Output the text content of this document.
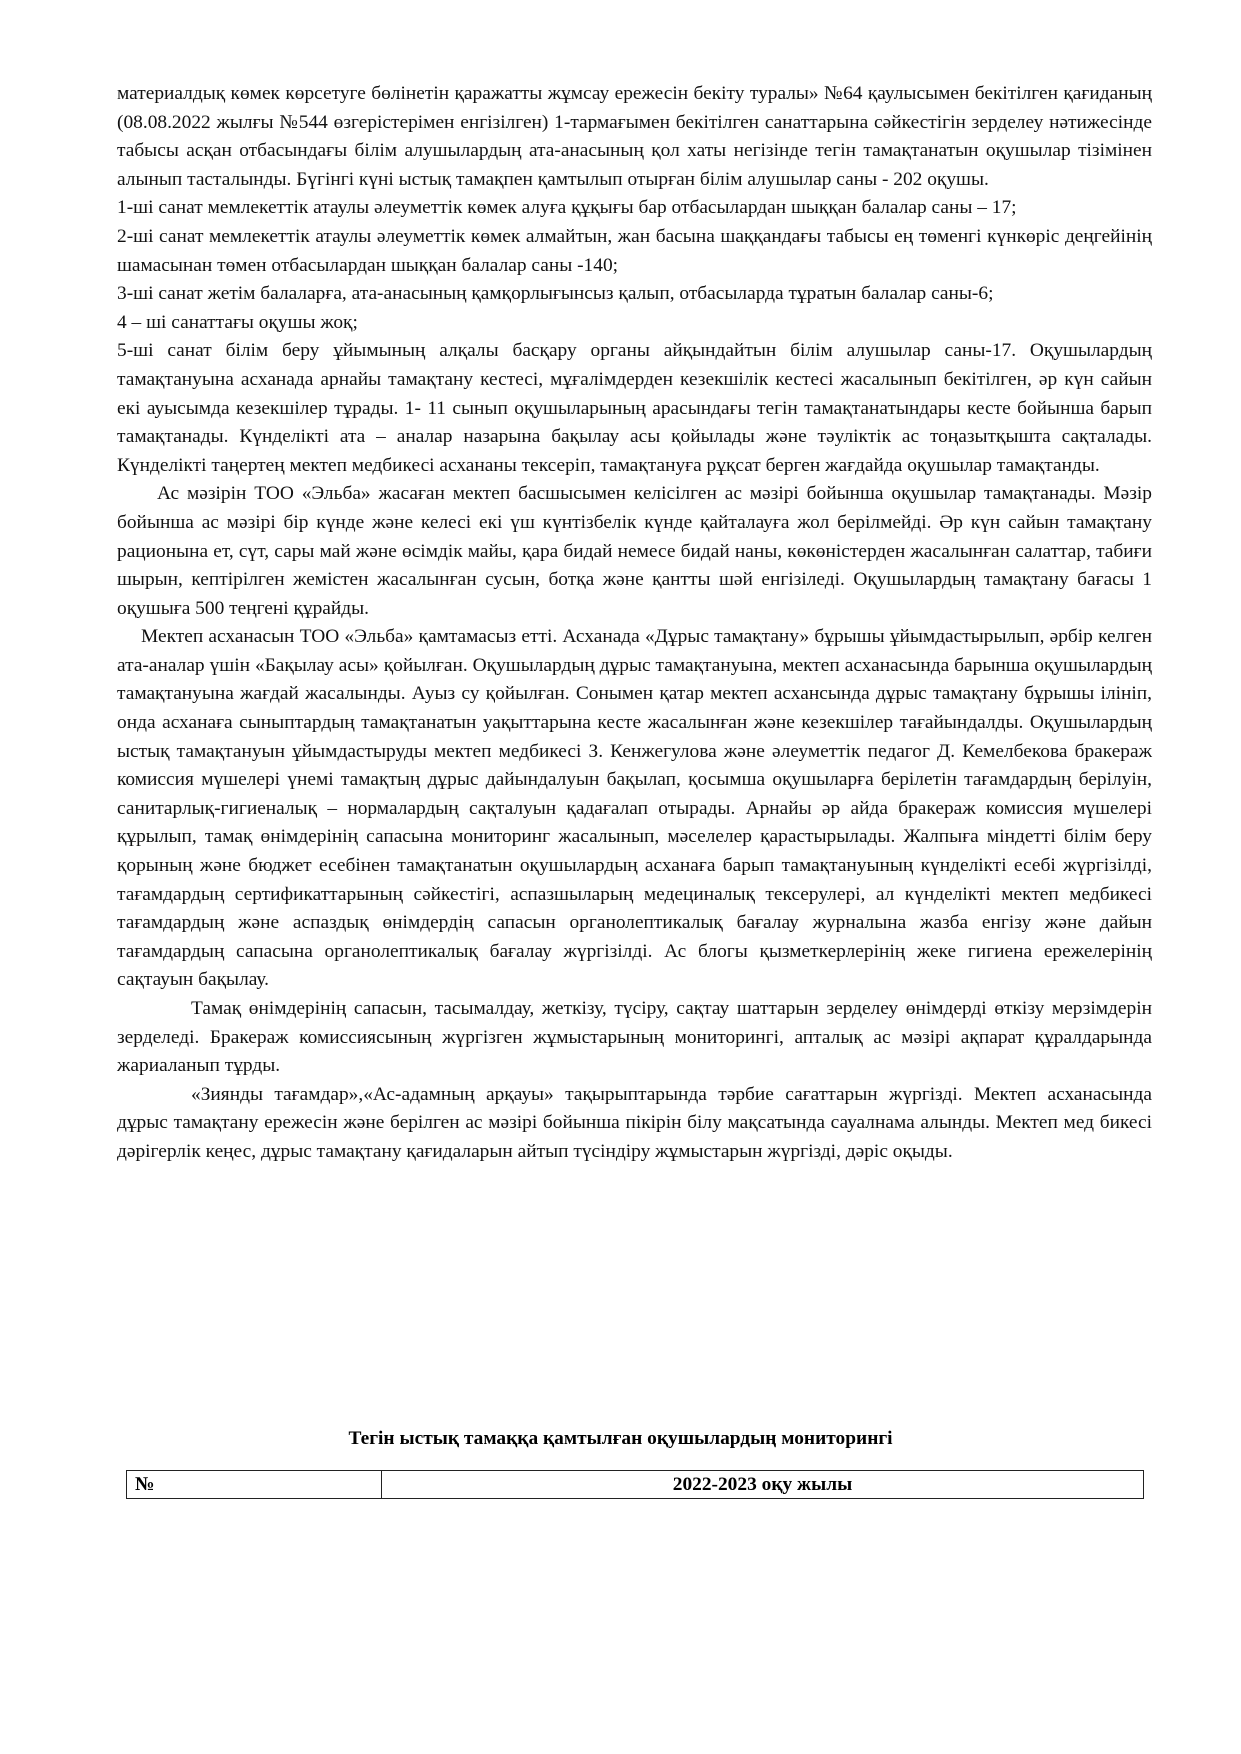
материалдық көмек көрсетуге бөлінетін қаражатты жұмсау ережесін бекіту туралы» №64 қаулысымен бекітілген қағиданың (08.08.2022 жылғы №544 өзгерістерімен енгізілген) 1-тармағымен бекітілген санаттарына сәйкестігін зерделеу нәтижесінде табысы асқан отбасындағы білім алушылардың ата-анасының қол хаты негізінде тегін тамақтанатын оқушылар тізімінен алынып тасталынды. Бүгінгі күні ыстық тамақпен қамтылып отырған білім алушылар саны - 202 оқушы.

1-ші санат мемлекеттік атаулы әлеуметтік көмек алуға құқығы бар отбасылардан шыққан балалар саны – 17;

2-ші санат мемлекеттік атаулы әлеуметтік көмек алмайтын, жан басына шаққандағы табысы ең төменгі күнкөріс деңгейінің шамасынан төмен отбасылардан шыққан балалар саны -140;

3-ші санат жетім балаларға, ата-анасының қамқорлығынсыз қалып, отбасыларда тұратын балалар саны-6;

4 – ші санаттағы оқушы жоқ;

5-ші санат білім беру ұйымының алқалы басқару органы айқындайтын білім алушылар саны-17. Оқушылардың тамақтануына асханада арнайы тамақтану кестесі, мұғалімдерден кезекшілік кестесі жасалынып бекітілген, әр күн сайын екі ауысымда кезекшілер тұрады. 1- 11 сынып оқушыларының арасындағы тегін тамақтанатындары кесте бойынша барып тамақтанады. Күнделікті ата – аналар назарына бақылау асы қойылады және тәуліктік ас тоңазытқышта сақталады. Күнделікті таңертең мектеп медбикесі асхананы тексеріп, тамақтануға рұқсат берген жағдайда оқушылар тамақтанды.

Ас мәзірін ТОО «Эльба» жасаған мектеп басшысымен келісілген ас мәзірі бойынша оқушылар тамақтанады. Мәзір бойынша ас мәзірі бір күнде және келесі екі үш күнтізбелік күнде қайталауға жол берілмейді. Әр күн сайын тамақтану рационына ет, сүт, сары май және өсімдік майы, қара бидай немесе бидай наны, көкөністерден жасалынған салаттар, табиғи шырын, кептірілген жемістен жасалынған сусын, ботқа және қантты шәй енгізіледі. Оқушылардың тамақтану бағасы 1 оқушыға 500 теңгені құрайды.

Мектеп асханасын ТОО «Эльба» қамтамасыз етті. Асханада «Дұрыс тамақтану» бұрышы ұйымдастырылып, әрбір келген ата-аналар үшін «Бақылау асы» қойылған. Оқушылардың дұрыс тамақтануына, мектеп асханасында барынша оқушылардың тамақтануына жағдай жасалынды. Ауыз су қойылған. Сонымен қатар мектеп асхансында дұрыс тамақтану бұрышы ілініп, онда асханаға сыныптардың тамақтанатын уақыттарына кесте жасалынған және кезекшілер тағайындалды. Оқушылардың ыстық тамақтануын ұйымдастыруды мектеп медбикесі З. Кенжегулова және әлеуметтік педагог Д. Кемелбекова бракераж комиссия мүшелері үнемі тамақтың дұрыс дайындалуын бақылап, қосымша оқушыларға берілетін тағамдардың берілуін, санитарлық-гигиеналық – нормалардың сақталуын қадағалап отырады. Арнайы әр айда бракераж комиссия мүшелері құрылып, тамақ өнімдерінің сапасына мониторинг жасалынып, мәселелер қарастырылады. Жалпыға міндетті білім беру қорының және бюджет есебінен тамақтанатын оқушылардың асханаға барып тамақтануының күнделікті есебі жүргізілді, тағамдардың сертификаттарының сәйкестігі, аспазшыларың медециналық тексерулері, ал күнделікті мектеп медбикесі тағамдардың және аспаздық өнімдердің сапасын органолептикалық бағалау журналына жазба енгізу және дайын тағамдардың сапасына органолептикалық бағалау жүргізілді. Ас блогы қызметкерлерінің жеке гигиена ережелерінің сақтауын бақылау.

Тамақ өнімдерінің сапасын, тасымалдау, жеткізу, түсіру, сақтау шаттарын зерделеу өнімдерді өткізу мерзімдерін зерделеді. Бракераж комиссиясының жүргізген жұмыстарының мониторингі, апталық ас мәзірі ақпарат құралдарында жариаланып тұрды.

«Зиянды тағамдар»,«Ас-адамның арқауы» тақырыптарында тәрбие сағаттарын жүргізді. Мектеп асханасында дұрыс тамақтану ережесін және берілген ас мәзірі бойынша пікірін білу мақсатында сауалнама алынды. Мектеп мед бикесі дәрігерлік кеңес, дұрыс тамақтану қағидаларын айтып түсіндіру жұмыстарын жүргізді, дәріс оқыды.

Тегін ыстық тамаққа қамтылған оқушылардың мониторингі
№	2022-2023 оқу жылы
